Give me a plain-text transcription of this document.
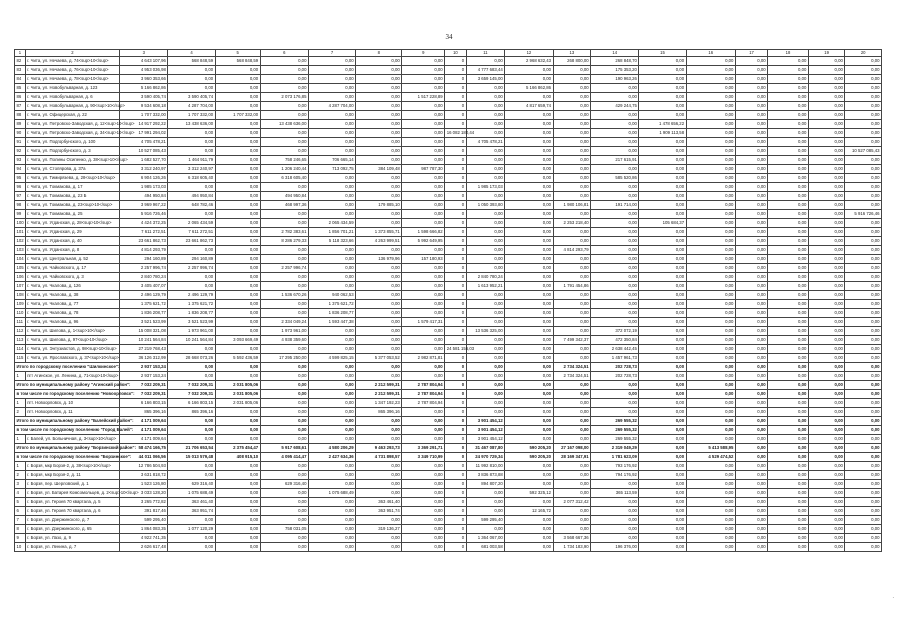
34
1	2	3	4	5	6	7	8	9	10	11	12	13	14	15	16	17	18	19	20
82	г. Чита, ул. Нечаева, д. 74<sup>10</sup>	4 643 107,96	568 848,59	568 848,59	0,00	0,00	0,00	0,00	0	0,00	2 968 632,43	268 800,00	268 848,70	0,00	0,00	0,00	0,00	0,00	0,00
83	г. Чита, ул. Нечаева, д. 76<sup>10</sup>	4 953 036,98	0,00	0,00	0,00	0,00	0,00	0,00	0	4 777 683,44	0,00	0,00	175 353,20	0,00	0,00	0,00	0,00	0,00	0,00
84	г. Чита, ул. Нечаева, д. 78<sup>10</sup>	3 960 353,66	0,00	0,00	0,00	0,00	0,00	0,00	0	3 659 145,00	0,00	0,00	190 963,26	0,00	0,00	0,00	0,00	0,00	0,00
85	г. Чита, ул. Новобульварная, д. 123	5 166 862,86	0,00	0,00	0,00	0,00	0,00	0,00	0	0,00	5 166 862,86	0,00	0,00	0,00	0,00	0,00	0,00	0,00	0,00
86	г. Чита, ул. Новобульварная, д. 6	3 590 405,74	3 590 405,74	0,00	2 073 176,85	0,00	0,00	1 517 228,89	0	0,00	0,00	0,00	0,00	0,00	0,00	0,00	0,00	0,00	0,00
87	г. Чита, ул. Новобульварная, д. 90<sup>10</sup>	9 534 608,18	4 287 704,00	0,00	0,00	4 287 704,00	0,00	0,00	0	0,00	4 817 659,74	0,00	429 244,75	0,00	0,00	0,00	0,00	0,00	0,00
88	г. Чита, ул. Офицерская, д. 22	1 707 332,00	1 707 332,00	1 707 332,00	0,00	0,00	0,00	0,00	0	0,00	0,00	0,00	0,00	0,00	0,00	0,00	0,00	0,00	0,00
89	г. Чита, ул. Петровско-Заводская, д. 12<sup>10</sup>	14 917 292,22	13 438 636,00	0,00	13 438 636,00	0,00	0,00	0,00	0	0,00	0,00	0,00	0,00	1 478 656,22	0,00	0,00	0,00	0,00	0,00
90	г. Чита, ул. Петровско-Заводская, д. 34<sup>10</sup>	17 991 294,02	0,00	0,00	0,00	0,00	0,00	0,00	16 082 180,44	0,00	0,00	0,00	0,00	1 909 113,58	0,00	0,00	0,00	0,00	0,00
91	г. Чита, ул. Подгорбунского, д. 100	4 705 478,21	0,00	0,00	0,00	0,00	0,00	0,00	0	4 705 478,21	0,00	0,00	0,00	0,00	0,00	0,00	0,00	0,00	0,00
92	г. Чита, ул. Подгорбунского, д. 3	10 527 085,43	0,00	0,00	0,00	0,00	0,00	0,00	0	0,00	0,00	0,00	0,00	0,00	0,00	0,00	0,00	0,00	10 527 085,43
93	г. Чита, ул. Полины Осипенко, д. 38<sup>10</sup>	1 682 527,70	1 464 911,79	0,00	758 246,65	706 665,14	0,00	0,00	0	0,00	0,00	0,00	217 615,91	0,00	0,00	0,00	0,00	0,00	0,00
94	г. Чита, ул. Столярова, д. 37а	3 312 240,97	3 312 240,97	0,00	1 206 240,44	713 092,75	384 109,48	987 787,30	0	0,00	0,00	0,00	0,00	0,00	0,00	0,00	0,00	0,00	0,00
95	г. Чита, ул. Тимирязева, д. 28<sup>10</sup>	6 904 126,26	6 318 605,40	0,00	6 318 605,40	0,00	0,00	0,00	0	0,00	0,00	0,00	585 520,86	0,00	0,00	0,00	0,00	0,00	0,00
96	г. Чита, ул. Токмакова, д. 17	1 985 173,03	0,00	0,00	0,00	0,00	0,00	0,00	0	1 985 173,03	0,00	0,00	0,00	0,00	0,00	0,00	0,00	0,00	0,00
97	г. Чита, ул. Токмакова, д. 23 Б	494 950,84	494 950,84	0,00	494 950,84	0,00	0,00	0,00	0	0,00	0,00	0,00	0,00	0,00	0,00	0,00	0,00	0,00	0,00
98	г. Чита, ул. Токмакова, д. 23<sup>10</sup>	3 969 967,22	648 782,46	0,00	468 997,36	0,00	179 885,10	0,00	0	1 050 393,80	0,00	1 980 106,81	191 714,00	0,00	0,00	0,00	0,00	0,00	0,00
99	г. Чита, ул. Токмакова, д. 25	5 916 726,46	0,00	0,00	0,00	0,00	0,00	0,00	0	0,00	0,00	0,00	0,00	0,00	0,00	0,00	0,00	0,00	5 916 726,46
100	г. Чита, ул. Угданская, д. 28<sup>10</sup>	4 424 372,25	2 065 434,59	0,00	0,00	2 065 434,59	0,00	0,00	0	0,00	0,00	2 253 218,40	0,00	105 684,37	0,00	0,00	0,00	0,00	0,00
101	г. Чита, ул. Угданская, д. 29	7 611 272,51	7 611 272,51	0,00	2 782 383,61	1 856 701,21	1 373 855,71	1 598 666,82	0	0,00	0,00	0,00	0,00	0,00	0,00	0,00	0,00	0,00	0,00
102	г. Чита, ул. Угданская, д. 40	23 661 862,73	23 661 862,73	0,00	8 286 279,33	5 118 323,66	4 263 999,51	5 992 649,95	0	0,00	0,00	0,00	0,00	0,00	0,00	0,00	0,00	0,00	0,00
103	г. Чита, ул. Угданская, д. 8	4 814 293,79	0,00	0,00	0,00	0,00	0,00	0,00	0	0,00	0,00	4 814 293,79	0,00	0,00	0,00	0,00	0,00	0,00	0,00
104	г. Чита, ул. Центральная, д. 52	294 160,89	294 160,89	0,00	0,00	0,00	136 979,96	157 180,93	0	0,00	0,00	0,00	0,00	0,00	0,00	0,00	0,00	0,00	0,00
105	г. Чита, ул. Чайковского, д. 17	2 257 996,74	2 257 996,74	0,00	2 257 996,74	0,00	0,00	0,00	0	0,00	0,00	0,00	0,00	0,00	0,00	0,00	0,00	0,00	0,00
106	г. Чита, ул. Чайковского, д. 3	2 840 780,24	0,00	0,00	0,00	0,00	0,00	0,00	0	2 840 780,24	0,00	0,00	0,00	0,00	0,00	0,00	0,00	0,00	0,00
107	г. Чита, ул. Чкалова, д. 126	3 405 407,07	0,00	0,00	0,00	0,00	0,00	0,00	0	1 613 952,21	0,00	1 791 454,86	0,00	0,00	0,00	0,00	0,00	0,00	0,00
108	г. Чита, ул. Чкалова, д. 38	2 496 129,79	2 496 129,79	0,00	1 536 670,26	940 062,53	0,00	0,00	0	0,00	0,00	0,00	0,00	0,00	0,00	0,00	0,00	0,00	0,00
109	г. Чита, ул. Чкалова, д. 77	1 375 621,72	1 375 621,72	0,00	0,00	1 375 621,72	0,00	0,00	0	0,00	0,00	0,00	0,00	0,00	0,00	0,00	0,00	0,00	0,00
110	г. Чита, ул. Чкалова, д. 78	1 836 208,77	1 836 208,77	0,00	0,00	1 836 208,77	0,00	0,00	0	0,00	0,00	0,00	0,00	0,00	0,00	0,00	0,00	0,00	0,00
111	г. Чита, ул. Чкалова, д. 96	3 521 523,99	3 521 523,99	0,00	2 334 049,24	1 593 447,38	0,00	1 579 417,31	0	0,00	0,00	0,00	0,00	0,00	0,00	0,00	0,00	0,00	0,00
112	г. Чита, ул. Шилова, д. 1<sup>10</sup>	15 008 321,08	1 973 961,00	0,00	1 973 961,00	0,00	0,00	0,00	0	13 536 325,00	0,00	0,00	372 072,19	0,00	0,00	0,00	0,00	0,00	0,00
113	г. Чита, ул. Шилова, д. 97<sup>10</sup>	10 241 564,84	10 241 564,84	3 093 669,49	4 938 359,60	0,00	0,00	0,00	0	0,00	0,00	7 499 342,37	472 350,84	0,00	0,00	0,00	0,00	0,00	0,00
114	г. Чита, ул. Энтузиастов, д. 98<sup>10</sup>	27 219 768,43	0,00	0,00	0,00	0,00	0,00	0,00	24 581 156,03	0,00	0,00	0,00	2 638 442,45	0,00	0,00	0,00	0,00	0,00	0,00
115	г. Чита, ул. Ярославского, д. 37<sup>10</sup>	36 126 312,99	28 668 073,26	5 592 436,59	17 295 250,00	4 599 825,15	5 377 053,52	2 982 871,81	0	0,00	0,00	0,00	1 457 961,73	0,00	0,00	0,00	0,00	0,00	0,00
Итого по городскому поселению "Шилкинское":		2 937 153,24	0,00	0,00	0,00	0,00	0,00	0,00	0	0,00	0,00	2 734 324,51	202 728,73	0,00	0,00	0,00	0,00	0,00	0,00
1	пгт Агинское, ул. Ленина, д. 71<sup>10</sup>	2 937 153,24	0,00	0,00	0,00	0,00	0,00	0,00	0	0,00	0,00	2 734 324,51	202 728,73	0,00	0,00	0,00	0,00	0,00	0,00
Итого по муниципальному району "Агинский район":		7 032 209,31	7 032 209,31	2 031 805,06	0,00	0,00	2 212 599,31	2 787 804,94	0	0,00	0,00	0,00	0,00	0,00	0,00	0,00	0,00	0,00	0,00
в том числе по городскому поселению "Новоорловск":		7 032 209,31	7 032 209,31	2 031 805,06	0,00	0,00	2 212 599,31	2 787 804,94	0	0,00	0,00	0,00	0,00	0,00	0,00	0,00	0,00	0,00	0,00
1	пгт. Новоорловск, д. 10	6 166 803,15	6 166 803,15	2 031 805,06	0,00	0,00	1 347 192,23	2 787 804,94	0	0,00	0,00	0,00	0,00	0,00	0,00	0,00	0,00	0,00	0,00
2	пгт. Новоорловск, д. 11	865 396,16	865 396,16	0,00	0,00	0,00	865 396,16	0,00	0	0,00	0,00	0,00	0,00	0,00	0,00	0,00	0,00	0,00	0,00
Итого по муниципальному району "Балейский район":		4 171 009,64	0,00	0,00	0,00	0,00	0,00	0,00	0	3 901 454,12	0,00	0,00	269 555,32	0,00	0,00	0,00	0,00	0,00	0,00
в том числе по городскому поселению "Город Балей":		4 171 009,64	0,00	0,00	0,00	0,00	0,00	0,00	0	3 901 454,12	0,00	0,00	269 555,32	0,00	0,00	0,00	0,00	0,00	0,00
1	г. Балей, ул. Больничная, д. 3<sup>10</sup>	4 171 009,64	0,00	0,00	0,00	0,00	0,00	0,00	0	3 901 454,12	0,00	0,00	269 555,32	0,00	0,00	0,00	0,00	0,00	0,00
Итого по муниципальному району "Борзинский район":		58 474 166,75	21 706 653,54	2 375 454,47	5 917 608,61	4 580 206,29	9 463 293,73	3 369 291,71	0	31 467 087,80	590 205,20	27 167 098,00	2 319 049,29	0,00	5 413 588,95	0,00	0,00	0,00	0,00
в том числе по городскому поселению "Борзинское":		44 011 066,56	15 013 579,48	408 915,10	4 095 414,47	2 427 634,36	4 731 898,57	3 349 710,99	0	24 970 729,34	590 205,20	28 169 347,91	1 781 623,09	0,00	4 529 474,52	0,00	0,00	0,00	0,00
1	г. Борзя, мкр Борзя-2, д. 38<sup>10</sup>	12 786 504,93	0,00	0,00	0,00	0,00	0,00	0,00	0	11 992 810,00	0,00	0,00	793 176,92	0,00	0,00	0,00	0,00	0,00	0,00
2	г. Борзя, мкр Борзя-2, д. 11	3 631 818,72	0,00	0,00	0,00	0,00	0,00	0,00	0	3 836 873,88	0,00	0,00	794 176,92	0,00	0,00	0,00	0,00	0,00	0,00
3	г. Борзя, пер. Шерловский, д. 1	1 523 126,80	629 316,40	0,00	629 316,40	0,00	0,00	0,00	0	894 807,20	0,00	0,00	0,00	0,00	0,00	0,00	0,00	0,00	0,00
4	г. Борзя, ул. Батарея Комсомольцев, д. 2<sup>10</sup>	3 033 128,20	1 075 688,49	0,00	0,00	1 075 688,49	0,00	0,00	0	0,00	592 325,12	0,00	365 113,59	0,00	0,00	0,00	0,00	0,00	0,00
5	г. Борзя, ул. Героев 70 квартала, д. 5	3 265 772,82	363 461,40	0,00	0,00	0,00	363 461,40	0,00	0	0,00	0,00	2 077 312,42	0,00	0,00	0,00	0,00	0,00	0,00	0,00
6	г. Борзя, ул. Героев 70 квартала, д. 6	391 817,46	363 951,74	0,00	0,00	0,00	363 951,74	0,00	0	0,00	12 165,72	0,00	0,00	0,00	0,00	0,00	0,00	0,00	0,00
7	г. Борзя, ул. Дзержинского, д. 7	599 295,40	0,00	0,00	0,00	0,00	0,00	0,00	0	599 295,40	0,00	0,00	0,00	0,00	0,00	0,00	0,00	0,00	0,00
8	г. Борзя, ул. Дзержинского, д. 65	1 864 083,35	1 077 120,29	0,00	758 031,05	0,00	319 136,27	0,00	0	0,00	0,00	0,00	0,00	0,00	0,00	0,00	0,00	0,00	0,00
9	г. Борзя, ул. Лазо, д. 9	4 922 741,35	0,00	0,00	0,00	0,00	0,00	0,00	0	1 364 067,00	0,00	3 568 667,36	0,00	0,00	0,00	0,00	0,00	0,00	0,00
10	г. Борзя, ул. Ленина, д. 7	2 626 617,48	0,00	0,00	0,00	0,00	0,00	0,00	0	681 003,58	0,00	1 734 183,90	196 376,00	0,00	0,00	0,00	0,00	0,00	0,00
·
